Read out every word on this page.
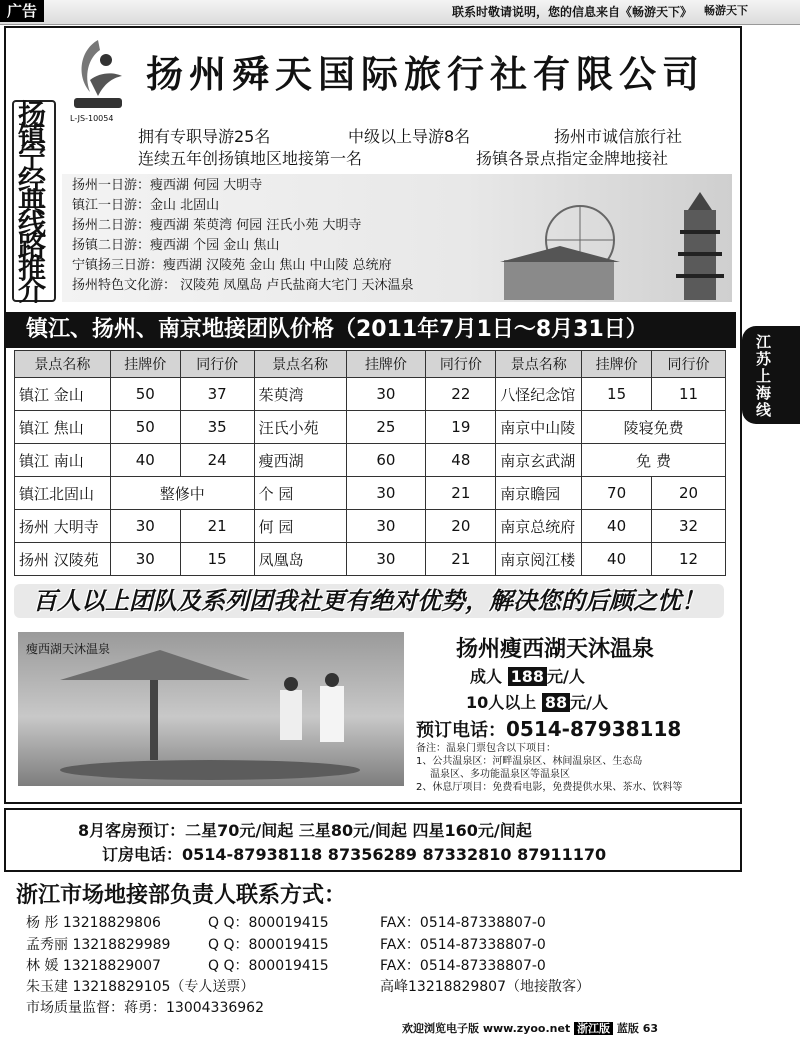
广告	联系时敬请说明，您的信息来自《畅游天下》 畅游天下
L-JS-10054
扬州舜天国际旅行社有限公司
拥有专职导游25名	中级以上导游8名	扬州市诚信旅行社
连续五年创扬镇地区地接第一名	扬镇各景点指定金牌地接社
扬镇宁经典线路推介
扬州一日游：瘦西湖 何园 大明寺
镇江一日游：金山 北固山
扬州二日游：瘦西湖 茱萸湾 何园 汪氏小苑 大明寺
扬镇二日游：瘦西湖 个园 金山 焦山
宁镇扬三日游：瘦西湖 汉陵苑 金山 焦山 中山陵 总统府
扬州特色文化游： 汉陵苑 凤凰岛 卢氏盐商大宅门 天沐温泉
镇江、扬州、南京地接团队价格（2011年7月1日～8月31日）	江苏上海线
景点名称	挂牌价	同行价	景点名称	挂牌价	同行价	景点名称	挂牌价	同行价
镇江 金山	50	37	茱萸湾	30	22	八怪纪念馆	15	11
镇江 焦山	50	35	汪氏小苑	25	19	南京中山陵	陵寝免费	
镇江 南山	40	24	瘦西湖	60	48	南京玄武湖	免 费	
镇江北固山	整修中		个 园	30	21	南京瞻园	70	20
扬州 大明寺	30	21	何 园	30	20	南京总统府	40	32
扬州 汉陵苑	30	15	凤凰岛	30	21	南京阅江楼	40	12
百人以上团队及系列团我社更有绝对优势，解决您的后顾之忧！
瘦西湖天沐温泉	扬州瘦西湖天沐温泉
成人 188 元/人
10人以上 88 元/人
预订电话：0514-87938118
备注：温泉门票包含以下项目：
1、公共温泉区：河畔温泉区、林间温泉区、生态岛
温泉区、多功能温泉区等温泉区
2、休息厅项目：免费看电影，免费提供水果、茶水、饮料等
8月客房预订：二星70元/间起 三星80元/间起 四星160元/间起
订房电话：0514-87938118 87356289 87332810 87911170
浙江市场地接部负责人联系方式：
杨 彤 13218829806	Q Q：800019415	FAX：0514-87338807-0
孟秀丽 13218829989	Q Q：800019415	FAX：0514-87338807-0
林 媛 13218829007	Q Q：800019415	FAX：0514-87338807-0
朱玉建 13218829105（专人送票）	高峰13218829807（地接散客）
市场质量监督：蒋勇：13004336962
欢迎浏览电子版 www.zyoo.net 浙江版 蓝版 63
